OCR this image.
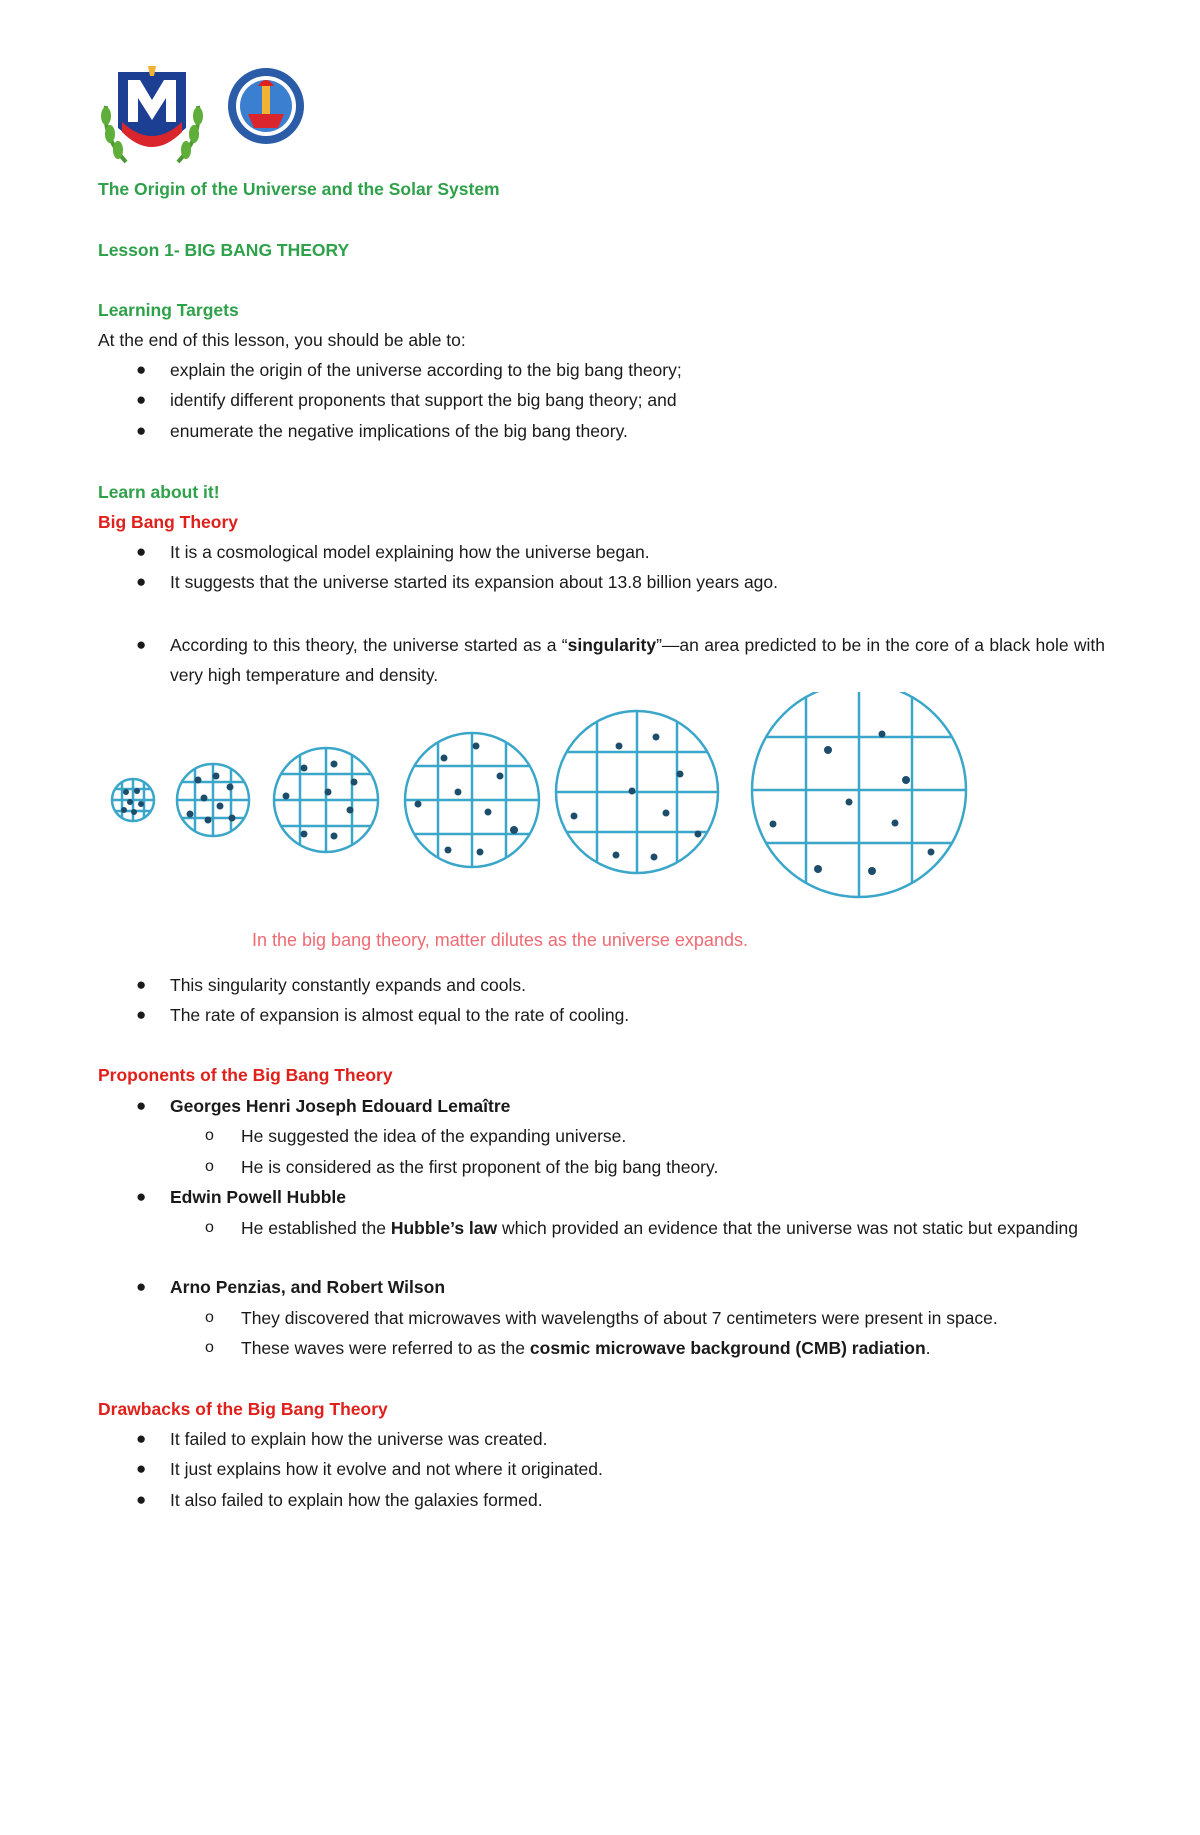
The Origin of the Universe and the Solar System
Lesson 1- BIG BANG THEORY
Learning Targets
At the end of this lesson, you should be able to:
● explain the origin of the universe according to the big bang theory;
● identify different proponents that support the big bang theory; and
● enumerate the negative implications of the big bang theory.
Learn about it!
Big Bang Theory
● It is a cosmological model explaining how the universe began.
● It suggests that the universe started its expansion about 13.8 billion years ago.
● According to this theory, the universe started as a “singularity”—an area predicted to be in the core of a black hole with very high temperature and density.
In the big bang theory, matter dilutes as the universe expands.
● This singularity constantly expands and cools.
● The rate of expansion is almost equal to the rate of cooling.
Proponents of the Big Bang Theory
● Georges Henri Joseph Edouard Lemaître
o He suggested the idea of the expanding universe.
o He is considered as the first proponent of the big bang theory.
● Edwin Powell Hubble
o He established the Hubble’s law which provided an evidence that the universe was not static but expanding
● Arno Penzias, and Robert Wilson
o They discovered that microwaves with wavelengths of about 7 centimeters were present in space.
o These waves were referred to as the cosmic microwave background (CMB) radiation.
Drawbacks of the Big Bang Theory
● It failed to explain how the universe was created.
● It just explains how it evolve and not where it originated.
● It also failed to explain how the galaxies formed.
